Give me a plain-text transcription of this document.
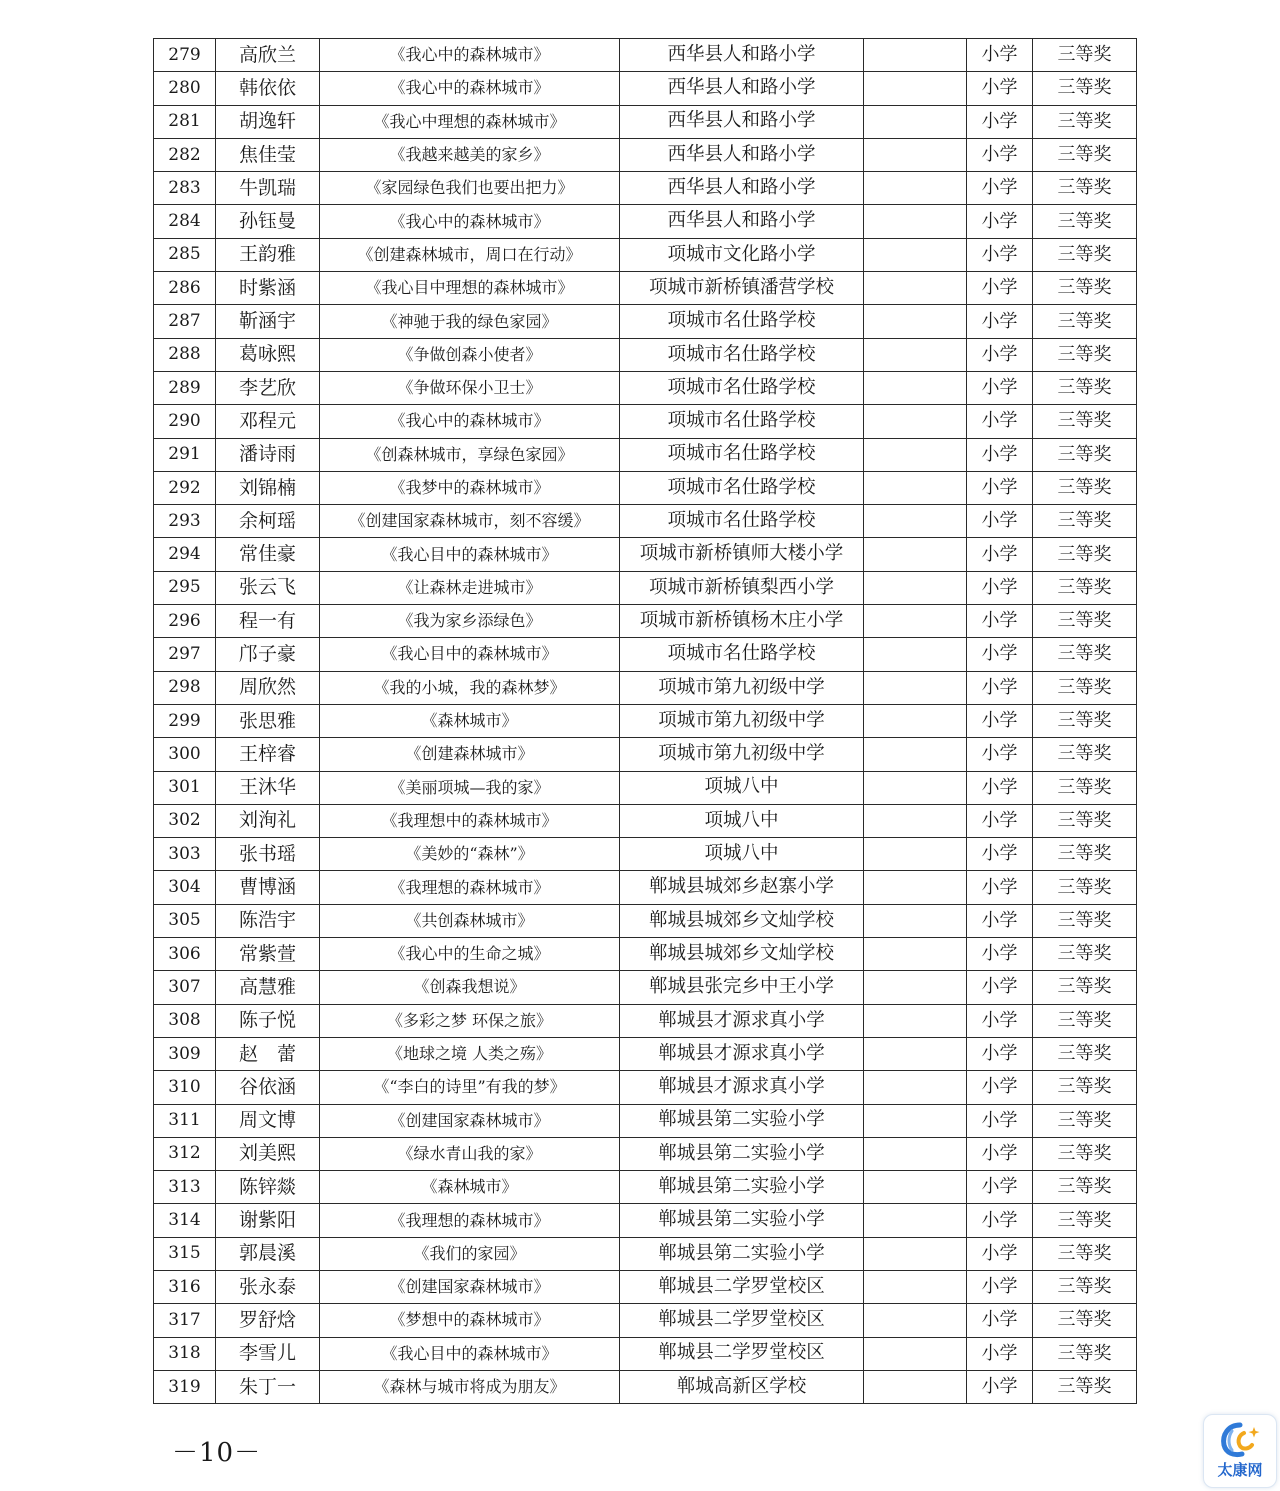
279	高欣兰	《我心中的森林城市》	西华县人和路小学		小学	三等奖
280	韩依依	《我心中的森林城市》	西华县人和路小学		小学	三等奖
281	胡逸轩	《我心中理想的森林城市》	西华县人和路小学		小学	三等奖
282	焦佳莹	《我越来越美的家乡》	西华县人和路小学		小学	三等奖
283	牛凯瑞	《家园绿色我们也要出把力》	西华县人和路小学		小学	三等奖
284	孙钰曼	《我心中的森林城市》	西华县人和路小学		小学	三等奖
285	王韵雅	《创建森林城市，周口在行动》	项城市文化路小学		小学	三等奖
286	时紫涵	《我心目中理想的森林城市》	项城市新桥镇潘营学校		小学	三等奖
287	靳涵宇	《神驰于我的绿色家园》	项城市名仕路学校		小学	三等奖
288	葛咏熙	《争做创森小使者》	项城市名仕路学校		小学	三等奖
289	李艺欣	《争做环保小卫士》	项城市名仕路学校		小学	三等奖
290	邓程元	《我心中的森林城市》	项城市名仕路学校		小学	三等奖
291	潘诗雨	《创森林城市，享绿色家园》	项城市名仕路学校		小学	三等奖
292	刘锦楠	《我梦中的森林城市》	项城市名仕路学校		小学	三等奖
293	余柯瑶	《创建国家森林城市，刻不容缓》	项城市名仕路学校		小学	三等奖
294	常佳豪	《我心目中的森林城市》	项城市新桥镇师大楼小学		小学	三等奖
295	张云飞	《让森林走进城市》	项城市新桥镇梨西小学		小学	三等奖
296	程一有	《我为家乡添绿色》	项城市新桥镇杨木庄小学		小学	三等奖
297	邝子豪	《我心目中的森林城市》	项城市名仕路学校		小学	三等奖
298	周欣然	《我的小城，我的森林梦》	项城市第九初级中学		小学	三等奖
299	张思雅	《森林城市》	项城市第九初级中学		小学	三等奖
300	王梓睿	《创建森林城市》	项城市第九初级中学		小学	三等奖
301	王沐华	《美丽项城—我的家》	项城八中		小学	三等奖
302	刘洵礼	《我理想中的森林城市》	项城八中		小学	三等奖
303	张书瑶	《美妙的“森林”》	项城八中		小学	三等奖
304	曹博涵	《我理想的森林城市》	郸城县城郊乡赵寨小学		小学	三等奖
305	陈浩宇	《共创森林城市》	郸城县城郊乡文灿学校		小学	三等奖
306	常紫萱	《我心中的生命之城》	郸城县城郊乡文灿学校		小学	三等奖
307	高慧雅	《创森我想说》	郸城县张完乡中王小学		小学	三等奖
308	陈子悦	《多彩之梦 环保之旅》	郸城县才源求真小学		小学	三等奖
309	赵　蕾	《地球之境 人类之殇》	郸城县才源求真小学		小学	三等奖
310	谷依涵	《“李白的诗里”有我的梦》	郸城县才源求真小学		小学	三等奖
311	周文博	《创建国家森林城市》	郸城县第二实验小学		小学	三等奖
312	刘美熙	《绿水青山我的家》	郸城县第二实验小学		小学	三等奖
313	陈锌燚	《森林城市》	郸城县第二实验小学		小学	三等奖
314	谢紫阳	《我理想的森林城市》	郸城县第二实验小学		小学	三等奖
315	郭晨溪	《我们的家园》	郸城县第二实验小学		小学	三等奖
316	张永泰	《创建国家森林城市》	郸城县二学罗堂校区		小学	三等奖
317	罗舒焓	《梦想中的森林城市》	郸城县二学罗堂校区		小学	三等奖
318	李雪儿	《我心目中的森林城市》	郸城县二学罗堂校区		小学	三等奖
319	朱丁一	《森林与城市将成为朋友》	郸城高新区学校		小学	三等奖
－10－
太康网
